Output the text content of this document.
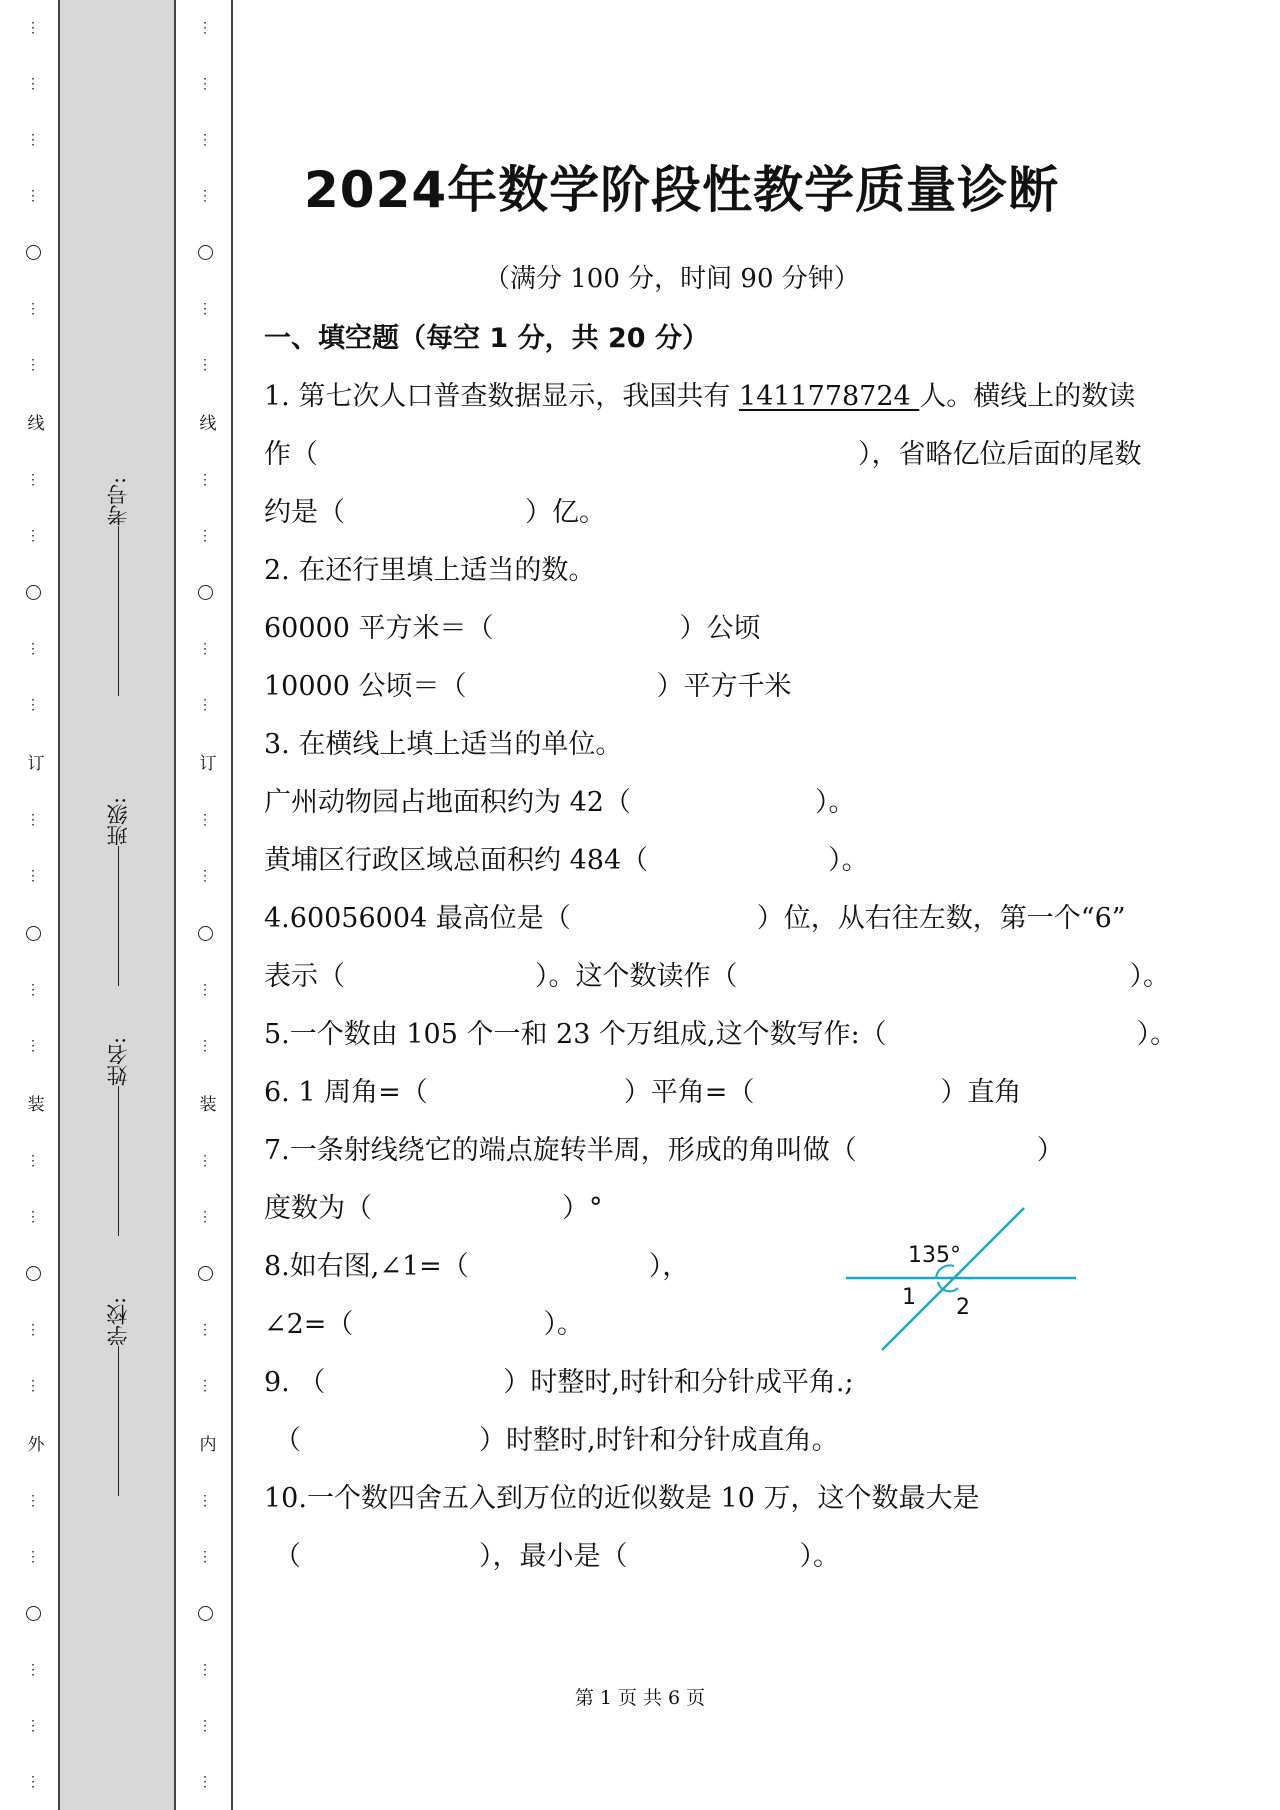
⋮
⋮
⋮
⋮
⋮
⋮
线
⋮
⋮
⋮
⋮
订
⋮
⋮
⋮
⋮
装
⋮
⋮
⋮
⋮
外
⋮
⋮
⋮
⋮
⋮
⋮
⋮
⋮
⋮
⋮
⋮
线
⋮
⋮
⋮
⋮
订
⋮
⋮
⋮
⋮
装
⋮
⋮
⋮
⋮
内
⋮
⋮
⋮
⋮
⋮
考号:
班级:
姓名:
学校:
2024年数学阶段性教学质量诊断
（满分 100 分，时间 90 分钟）
一、填空题（每空 1 分，共 20 分）
1. 第七次人口普查数据显示，我国共有 1411778724 人。横线上的数读
作（	），省略亿位后面的尾数
约是（	）亿。
2. 在还行里填上适当的数。
60000 平方米＝（	）公顷
10000 公顷＝（	）平方千米
3. 在横线上填上适当的单位。
广州动物园占地面积约为 42（	）。
黄埔区行政区域总面积约 484（	）。
4.60056004 最高位是（	）位，从右往左数，第一个“6”
表示（	）。这个数读作（	）。
5.一个数由 105 个一和 23 个万组成,这个数写作:（	）。
6. 1 周角=（	）平角=（	）直角
7.一条射线绕它的端点旋转半周，形成的角叫做（	）
度数为（	）°
8.如右图,∠1=（	），
∠2=（	）。
135°
1 2
9. （	）时整时,时针和分针成平角.;
（	）时整时,时针和分针成直角。
10.一个数四舍五入到万位的近似数是 10 万，这个数最大是
（	），最小是（	）。
第 1 页 共 6 页
